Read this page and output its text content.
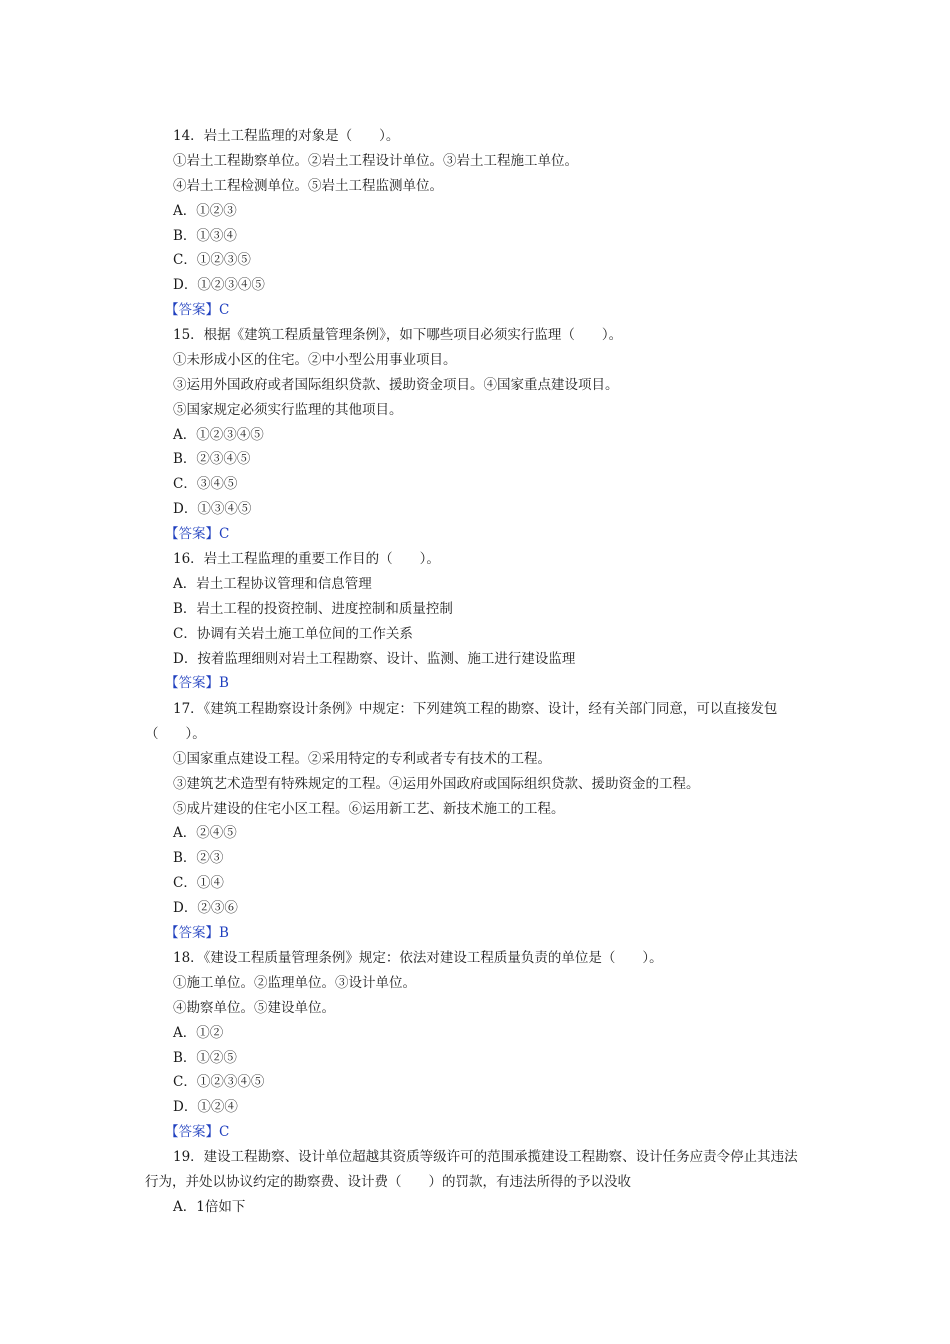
14．岩土工程监理的对象是（　　）。
①岩土工程勘察单位。②岩土工程设计单位。③岩土工程施工单位。
④岩土工程检测单位。⑤岩土工程监测单位。
A．①②③
B．①③④
C．①②③⑤
D．①②③④⑤
【答案】C
15．根据《建筑工程质量管理条例》，如下哪些项目必须实行监理（　　）。
①未形成小区的住宅。②中小型公用事业项目。
③运用外国政府或者国际组织贷款、援助资金项目。④国家重点建设项目。
⑤国家规定必须实行监理的其他项目。
A．①②③④⑤
B．②③④⑤
C．③④⑤
D．①③④⑤
【答案】C
16．岩土工程监理的重要工作目的（　　）。
A．岩土工程协议管理和信息管理
B．岩土工程的投资控制、进度控制和质量控制
C．协调有关岩土施工单位间的工作关系
D．按着监理细则对岩土工程勘察、设计、监测、施工进行建设监理
【答案】B
17．《建筑工程勘察设计条例》中规定：下列建筑工程的勘察、设计，经有关部门同意，可以直接发包（　　）。
①国家重点建设工程。②采用特定的专利或者专有技术的工程。
③建筑艺术造型有特殊规定的工程。④运用外国政府或国际组织贷款、援助资金的工程。
⑤成片建设的住宅小区工程。⑥运用新工艺、新技术施工的工程。
A．②④⑤
B．②③
C．①④
D．②③⑥
【答案】B
18．《建设工程质量管理条例》规定：依法对建设工程质量负责的单位是（　　）。
①施工单位。②监理单位。③设计单位。
④勘察单位。⑤建设单位。
A．①②
B．①②⑤
C．①②③④⑤
D．①②④
【答案】C
19．建设工程勘察、设计单位超越其资质等级许可的范围承揽建设工程勘察、设计任务应责令停止其违法行为，并处以协议约定的勘察费、设计费（　　）的罚款，有违法所得的予以没收
A．1倍如下
